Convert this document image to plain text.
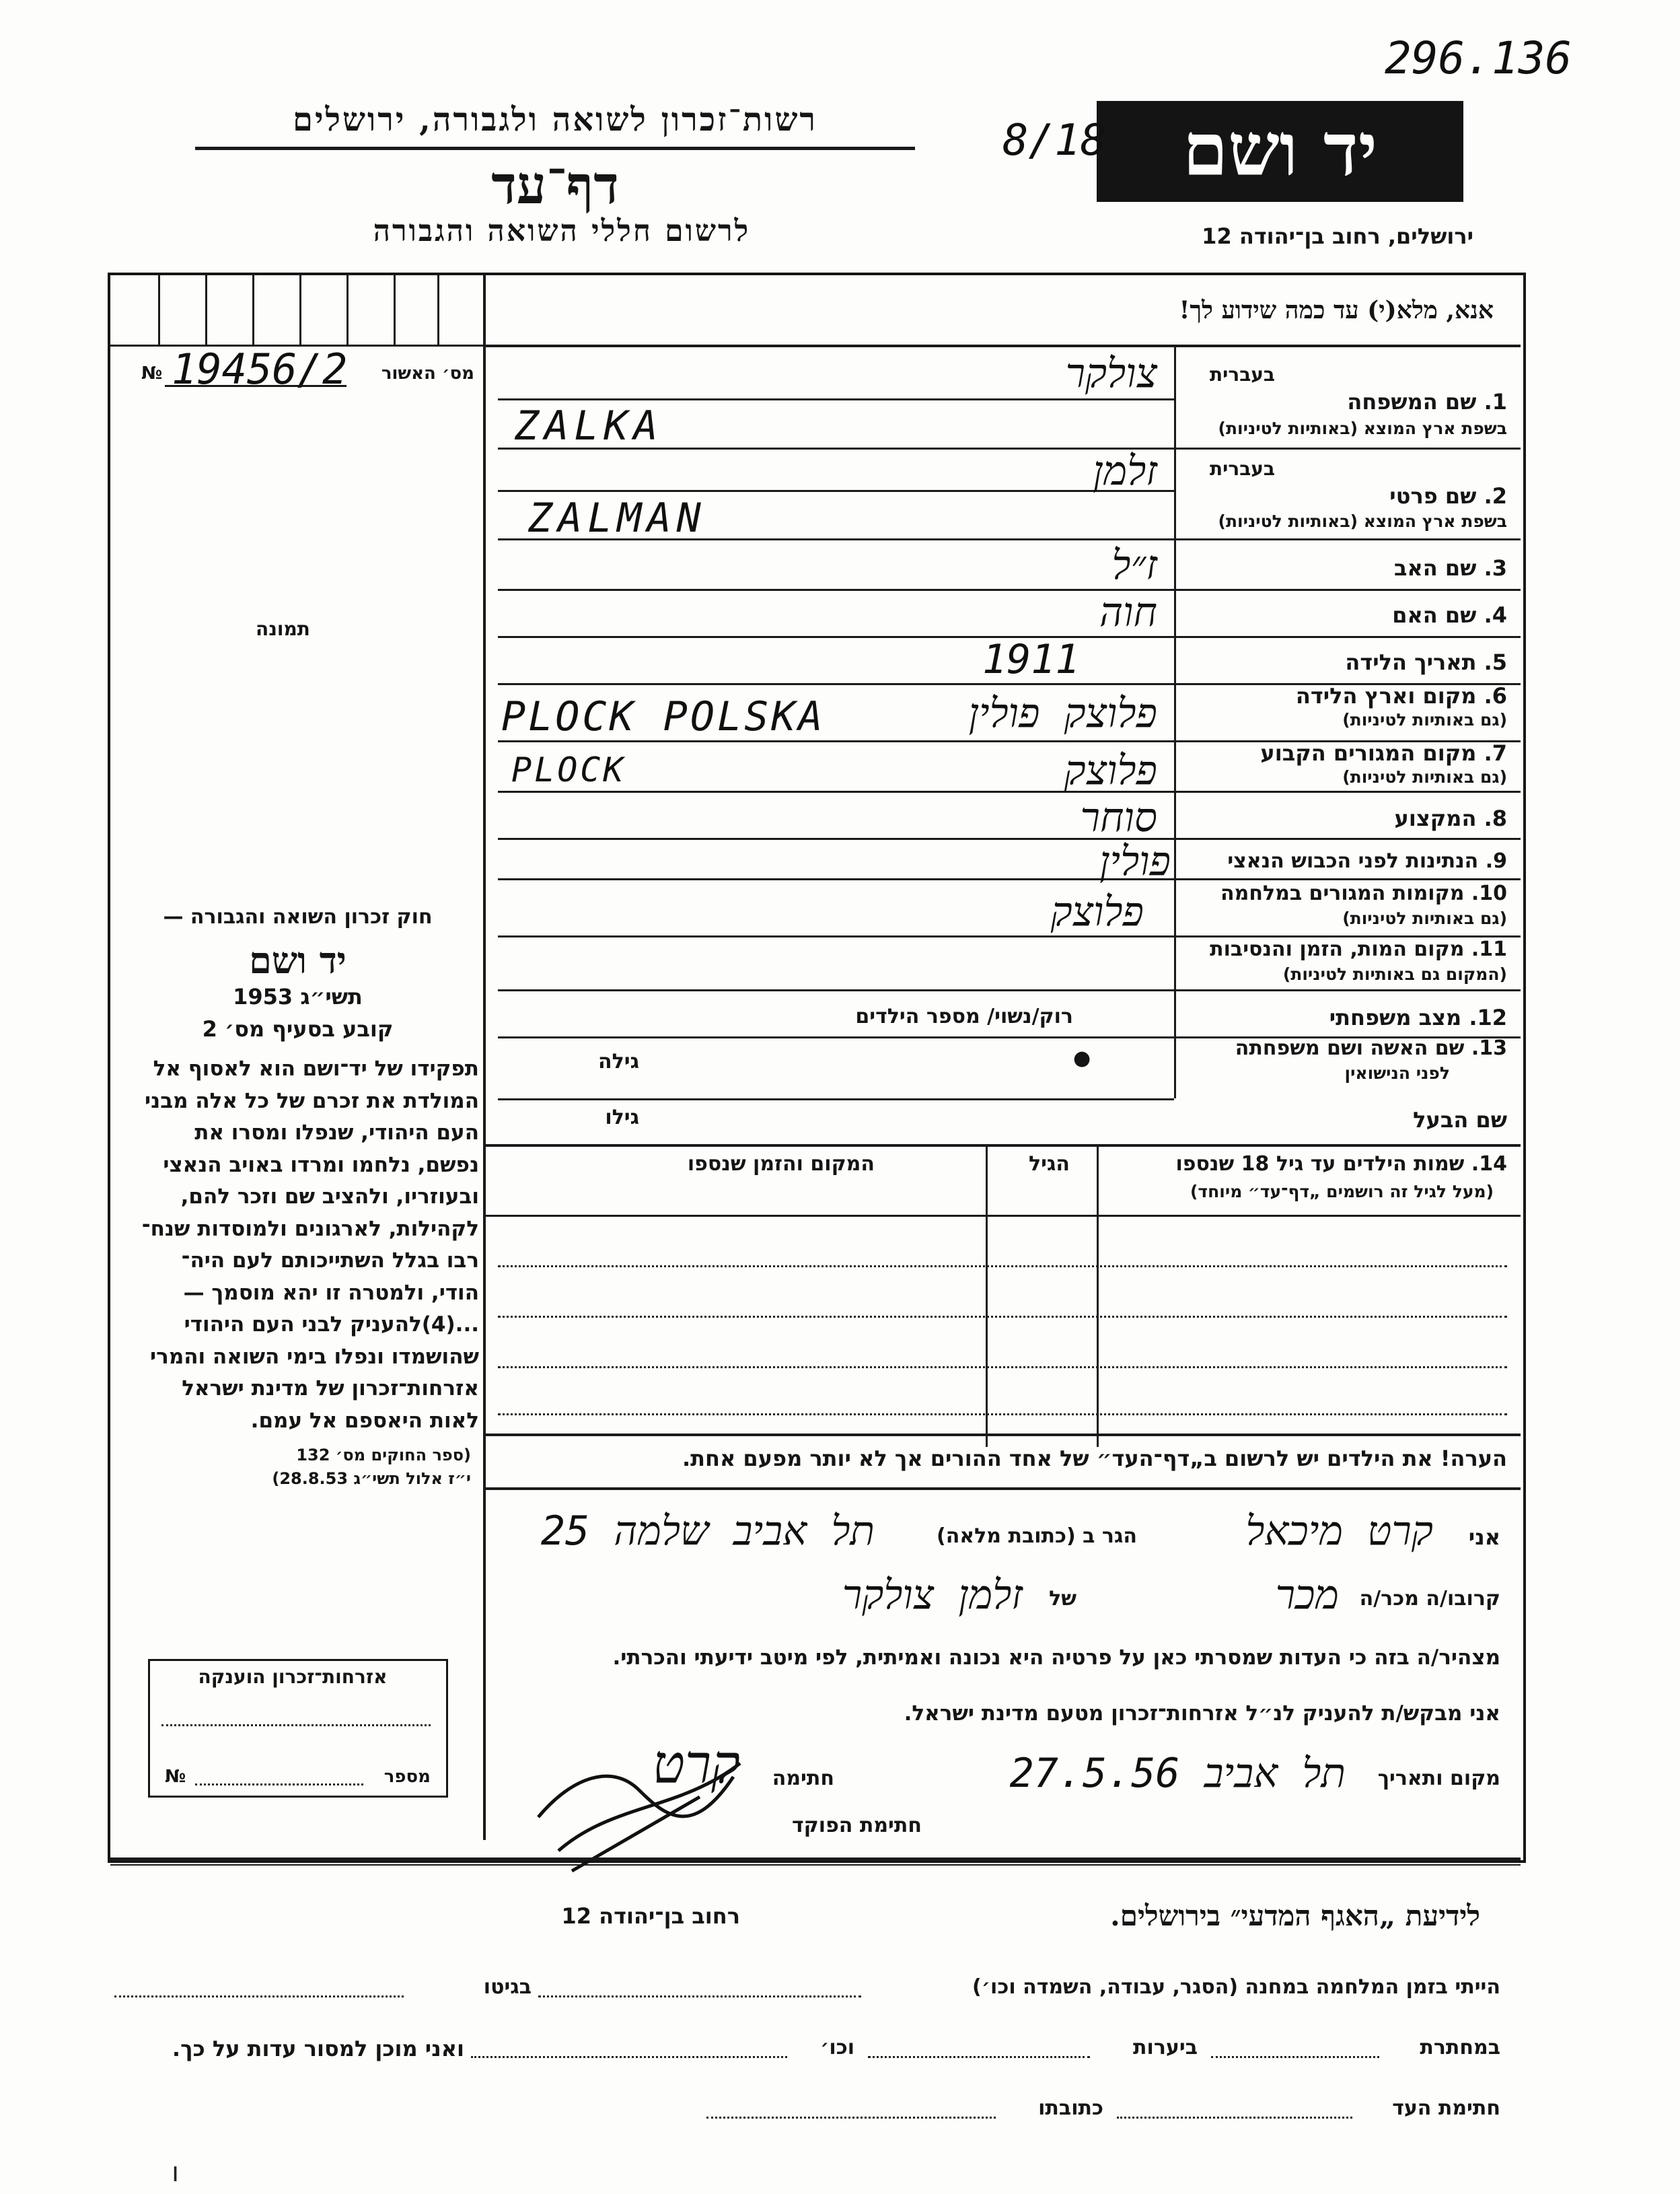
296.136
רשות־זכרון לשואה ולגבורה, ירושלים
דף־עד
לרשום חללי השואה והגבורה
יד ושם
8/18
ירושלים, רחוב בן־יהודה 12
מס׳ האשור
19456/2
№
תמונה
חוק זכרון השואה והגבורה —
יד ושם
תשי״ג 1953
קובע בסעיף מס׳ 2
תפקידו של יד־ושם הוא לאסוף אל
המולדת את זכרם של כל אלה מבני
העם היהודי, שנפלו ומסרו את
נפשם, נלחמו ומרדו באויב הנאצי
ובעוזריו, ולהציב שם וזכר להם,
לקהילות, לארגונים ולמוסדות שנח־
רבו בגלל השתייכותם לעם היה־
הודי, ולמטרה זו יהא מוסמך —
...(4)להעניק לבני העם היהודי
שהושמדו ונפלו בימי השואה והמרי
אזרחות־זכרון של מדינת ישראל
לאות היאספם אל עמם.
(ספר החוקים מס׳ 132
י״ז אלול תשי״ג 28.8.53)
אזרחות־זכרון הוענקה
מספר
№
אנא, מלא(י) עד כמה שידוע לך!
בעברית
1. שם המשפחה
בשפת ארץ המוצא (באותיות לטיניות)
צולקר
ZALKA
בעברית
2. שם פרטי
בשפת ארץ המוצא (באותיות לטיניות)
זלמן
ZALMAN
3. שם האב
ז״ל
4. שם האם
חוה
5. תאריך הלידה
1911
6. מקום וארץ הלידה
(גם באותיות לטיניות)
פלוצק פולין
PLOCK POLSKA
7. מקום המגורים הקבוע
(גם באותיות לטיניות)
פלוצק
PLOCK
8. המקצוע
סוחר
9. הנתינות לפני הכבוש הנאצי
פולין
10. מקומות המגורים במלחמה
(גם באותיות לטיניות)
פלוצק
11. מקום המות, הזמן והנסיבות
(המקום גם באותיות לטיניות)
12. מצב משפחתי
רוק/נשוי/ מספר הילדים
13. שם האשה ושם משפחתה
לפני הנישואין
גילה	●
שם הבעל
גילו
14. שמות הילדים עד גיל 18 שנספו
(מעל לגיל זה רושמים „דף־עד״ מיוחד)
הגיל
המקום והזמן שנספו
הערה! את הילדים יש לרשום ב„דף־העד״ של אחד ההורים אך לא יותר מפעם אחת.
אני
קרט מיכאל
הגר ב (כתובת מלאה)
תל אביב שלמה 25
קרובו/ה מכר/ה
מכר
של
זלמן צולקר
מצהיר/ה בזה כי העדות שמסרתי כאן על פרטיה היא נכונה ואמיתית, לפי מיטב ידיעתי והכרתי.
אני מבקש/ת להעניק לנ״ל אזרחות־זכרון מטעם מדינת ישראל.
מקום ותאריך
תל אביב 27.5.56
חתימה
קרט
חתימת הפוקד
לידיעת „האגף המדעי״ בירושלים.
רחוב בן־יהודה 12
הייתי בזמן המלחמה במחנה (הסגר, עבודה, השמדה וכו׳)
בגיטו
במחתרת
ביערות
וכו׳
ואני מוכן למסור עדות על כך.
חתימת העד
כתובתו
ı
